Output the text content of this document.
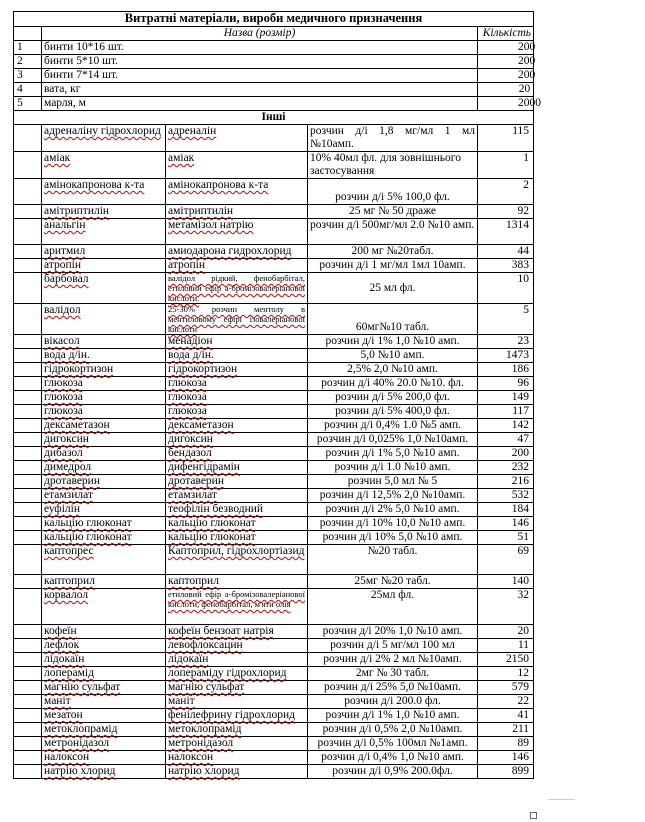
Витратні матеріали, вироби медичного призначення				
	Назва (розмір)			Кількість
1	бинти 10*16 шт.			200
2	бинти 5*10 шт.			200
3	бинти 7*14 шт.			200
4	вата, кг			20
5	марля, м			2000
Інші				
	адреналіну гідрохлорид	адреналін	розчин д/і 1,8 мг/мл 1 мл №10амп.	115
	аміак	аміак	10% 40мл фл. для зовнішнього застосування	1
	амінокапронова к-та	амінокапронова к-та	розчин д/і 5% 100,0 фл.	2
	амітриптилін	амітриптилін	25 мг № 50 драже	92
	анальгін	метамізол натрію	розчин д/і 500мг/мл 2.0 №10 амп.	1314
	аритмил	амиодарона гидрохлорид	200 мг №20табл.	44
	атропін	атропін	розчин д/і 1 мг/мл 1мл 10амп.	383
	барбовал	валідол рідкий, фенобарбітал, етиловий ефір а-бромізовалеріанової кислоти.	25 мл фл.	10
	валідол	25-30% розчин ментолу в ментиловому ефірі ізовалеріанової кислоти	60мг№10 табл.	5
	вікасол	менадіон	розчин д/і 1% 1,0 №10 амп.	23
	вода д/ін.	вода д/ін.	5,0 №10 амп.	1473
	гідрокортизон	гідрокортизон	2,5% 2,0 №10 амп.	186
	глюкоза	глюкоза	розчин д/і 40% 20.0 №10. фл.	96
	глюкоза	глюкоза	розчин д/і 5% 200,0 фл.	149
	глюкоза	глюкоза	розчин д/і 5% 400,0 фл.	117
	дексаметазон	дексаметазон	розчин д/і 0,4% 1.0 №5 амп.	142
	дигоксин	дигоксин	розчин д/і 0,025% 1,0 №10амп.	47
	дибазол	бендазол	розчин д/і 1% 5,0 №10 амп.	200
	димедрол	дифенгідрамін	розчин д/і 1.0 №10 амп.	232
	дротаверин	дротаверин	розчин 5,0 мл № 5	216
	етамзилат	етамзилат	розчин д/і 12,5% 2,0 №10амп.	532
	еуфілін	теофілін безводний	розчин д/і 2% 5,0 №10 амп.	184
	кальцію глюконат	кальцію глюконат	розчин д/і 10% 10,0 №10 амп.	146
	кальцію глюконат	кальцію глюконат	розчин д/і 10% 5,0 №10 амп.	51
	каптопрес	Каптоприл, гідрохлортіазид	№20 табл.	69
	каптоприл	каптоприл	25мг №20 табл.	140
	корвалол	етиловий ефір а-бромізовалеріанової кислоти, фенобарбітал, м'яти олія	25мл фл.	32
	кофеїн	кофеїн бензоат натрія	розчин д/і 20% 1,0 №10 амп.	20
	лефлок	левофлоксацин	розчин д/і 5 мг/мл 100 мл	11
	лідокаїн	лідокаїн	розчин д/і 2% 2 мл №10амп.	2150
	лоперамід	лопераміду гідрохлорид	2мг № 30 табл.	12
	магнію сульфат	магнію сульфат	розчин д/і 25% 5,0 №10амп.	579
	маніт	маніт	розчин д/і 200.0 фл.	22
	мезатон	фенілефрину гідрохлорид	розчин д/і 1% 1,0 №10 амп.	41
	метоклопрамід	метоклопрамід	розчин д/і 0,5% 2,0 №10амп.	211
	метронідазол	метронідазол	розчин д/і 0,5% 100мл №1амп.	89
	налоксон	налоксон	розчин д/і 0,4% 1,0 №10 амп.	146
	натрію хлорид	натрію хлорид	розчин д/і 0,9% 200.0фл.	899
